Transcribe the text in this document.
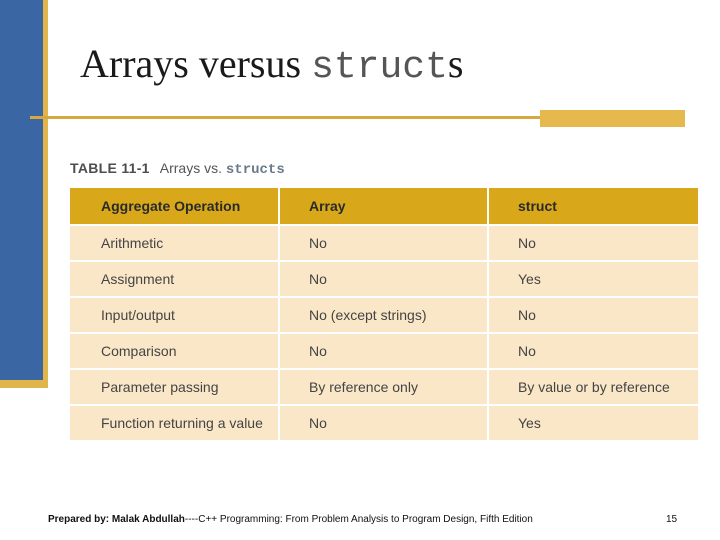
Arrays versus structs
TABLE 11-1 Arrays vs. structs
Aggregate Operation	Array	struct
Arithmetic	No	No
Assignment	No	Yes
Input/output	No (except strings)	No
Comparison	No	No
Parameter passing	By reference only	By value or by reference
Function returning a value	No	Yes
Prepared by: Malak Abdullah----C++ Programming: From Problem Analysis to Program Design, Fifth Edition	15
